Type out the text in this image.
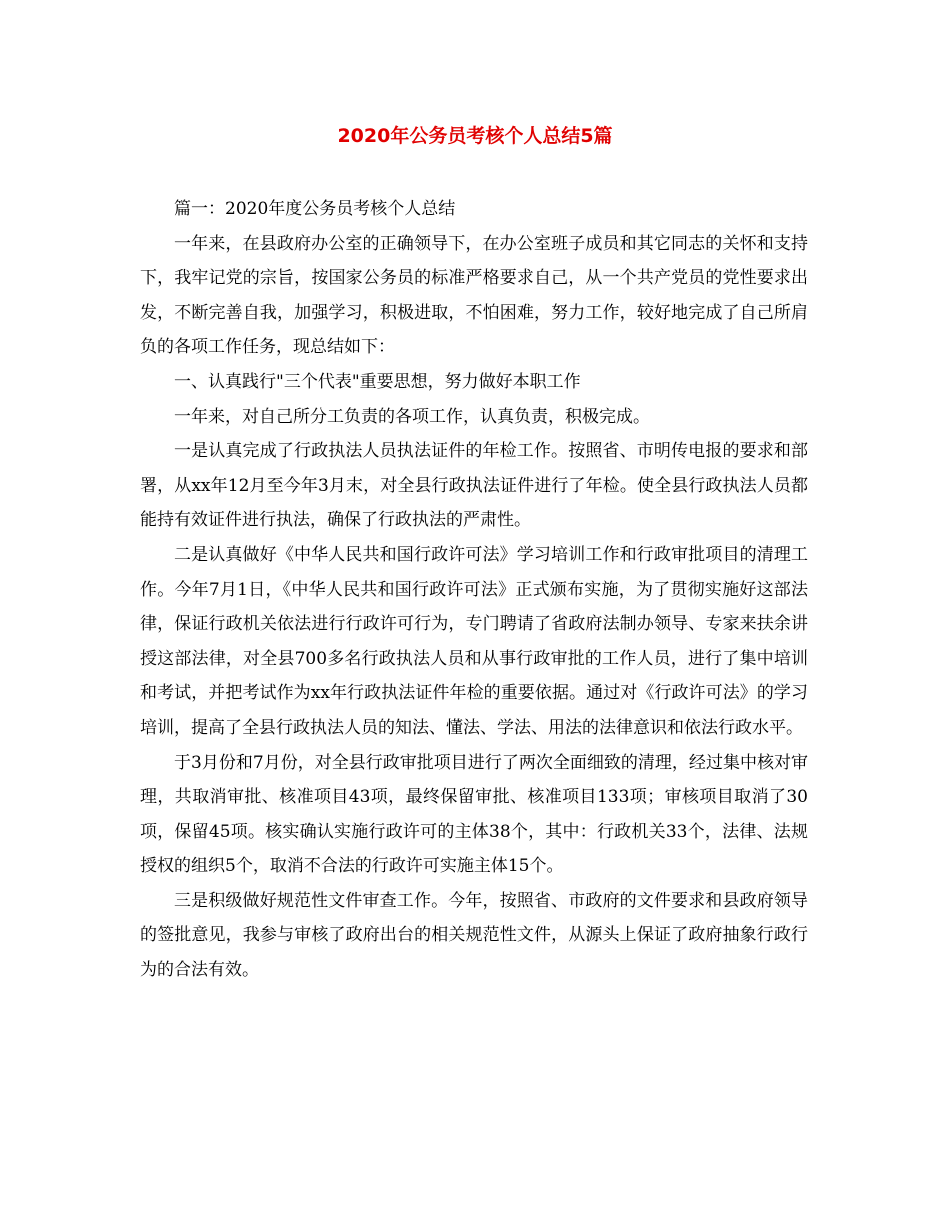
2020年公务员考核个人总结5篇

篇一：2020年度公务员考核个人总结

一年来，在县政府办公室的正确领导下，在办公室班子成员和其它同志的关怀和支持下，我牢记党的宗旨，按国家公务员的标准严格要求自己，从一个共产党员的党性要求出发，不断完善自我，加强学习，积极进取，不怕困难，努力工作，较好地完成了自己所肩负的各项工作任务，现总结如下：

一、认真践行"三个代表"重要思想，努力做好本职工作

一年来，对自己所分工负责的各项工作，认真负责，积极完成。

一是认真完成了行政执法人员执法证件的年检工作。按照省、市明传电报的要求和部署，从xx年12月至今年3月末，对全县行政执法证件进行了年检。使全县行政执法人员都能持有效证件进行执法，确保了行政执法的严肃性。

二是认真做好《中华人民共和国行政许可法》学习培训工作和行政审批项目的清理工作。今年7月1日，《中华人民共和国行政许可法》正式颁布实施，为了贯彻实施好这部法律，保证行政机关依法进行行政许可行为，专门聘请了省政府法制办领导、专家来扶余讲授这部法律，对全县700多名行政执法人员和从事行政审批的工作人员，进行了集中培训和考试，并把考试作为xx年行政执法证件年检的重要依据。通过对《行政许可法》的学习培训，提高了全县行政执法人员的知法、懂法、学法、用法的法律意识和依法行政水平。

于3月份和7月份，对全县行政审批项目进行了两次全面细致的清理，经过集中核对审理，共取消审批、核准项目43项，最终保留审批、核准项目133项；审核项目取消了30项，保留45项。核实确认实施行政许可的主体38个，其中：行政机关33个，法律、法规授权的组织5个，取消不合法的行政许可实施主体15个。

三是积级做好规范性文件审查工作。今年，按照省、市政府的文件要求和县政府领导的签批意见，我参与审核了政府出台的相关规范性文件，从源头上保证了政府抽象行政行为的合法有效。
